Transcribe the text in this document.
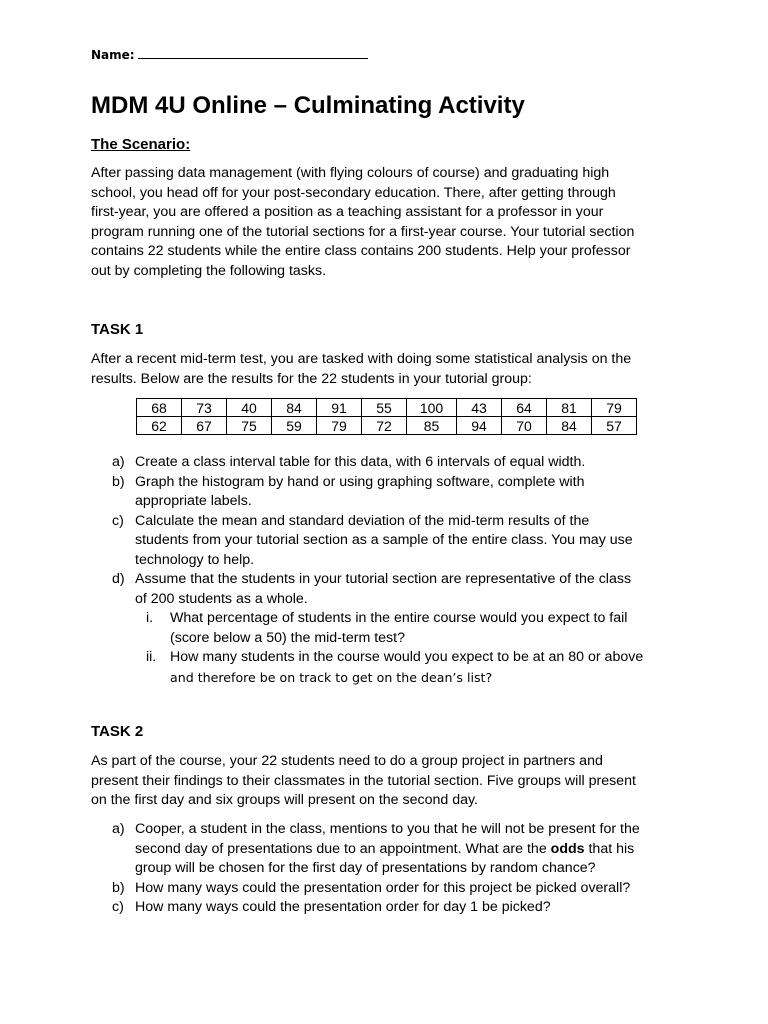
Name:
MDM 4U Online – Culminating Activity
The Scenario:
After passing data management (with flying colours of course) and graduating high
school, you head off for your post-secondary education. There, after getting through
first-year, you are offered a position as a teaching assistant for a professor in your
program running one of the tutorial sections for a first-year course. Your tutorial section
contains 22 students while the entire class contains 200 students. Help your professor
out by completing the following tasks.
TASK 1
After a recent mid-term test, you are tasked with doing some statistical analysis on the
results. Below are the results for the 22 students in your tutorial group:
68	73	40	84	91	55	100	43	64	81	79
62	67	75	59	79	72	85	94	70	84	57
a) Create a class interval table for this data, with 6 intervals of equal width.
b) Graph the histogram by hand or using graphing software, complete with
appropriate labels.
c) Calculate the mean and standard deviation of the mid-term results of the
students from your tutorial section as a sample of the entire class. You may use
technology to help.
d) Assume that the students in your tutorial section are representative of the class
of 200 students as a whole.
i. What percentage of students in the entire course would you expect to fail
(score below a 50) the mid-term test?
ii. How many students in the course would you expect to be at an 80 or above
and therefore be on track to get on the dean’s list?
TASK 2
As part of the course, your 22 students need to do a group project in partners and
present their findings to their classmates in the tutorial section. Five groups will present
on the first day and six groups will present on the second day.
a) Cooper, a student in the class, mentions to you that he will not be present for the
second day of presentations due to an appointment. What are the odds that his
group will be chosen for the first day of presentations by random chance?
b) How many ways could the presentation order for this project be picked overall?
c) How many ways could the presentation order for day 1 be picked?
